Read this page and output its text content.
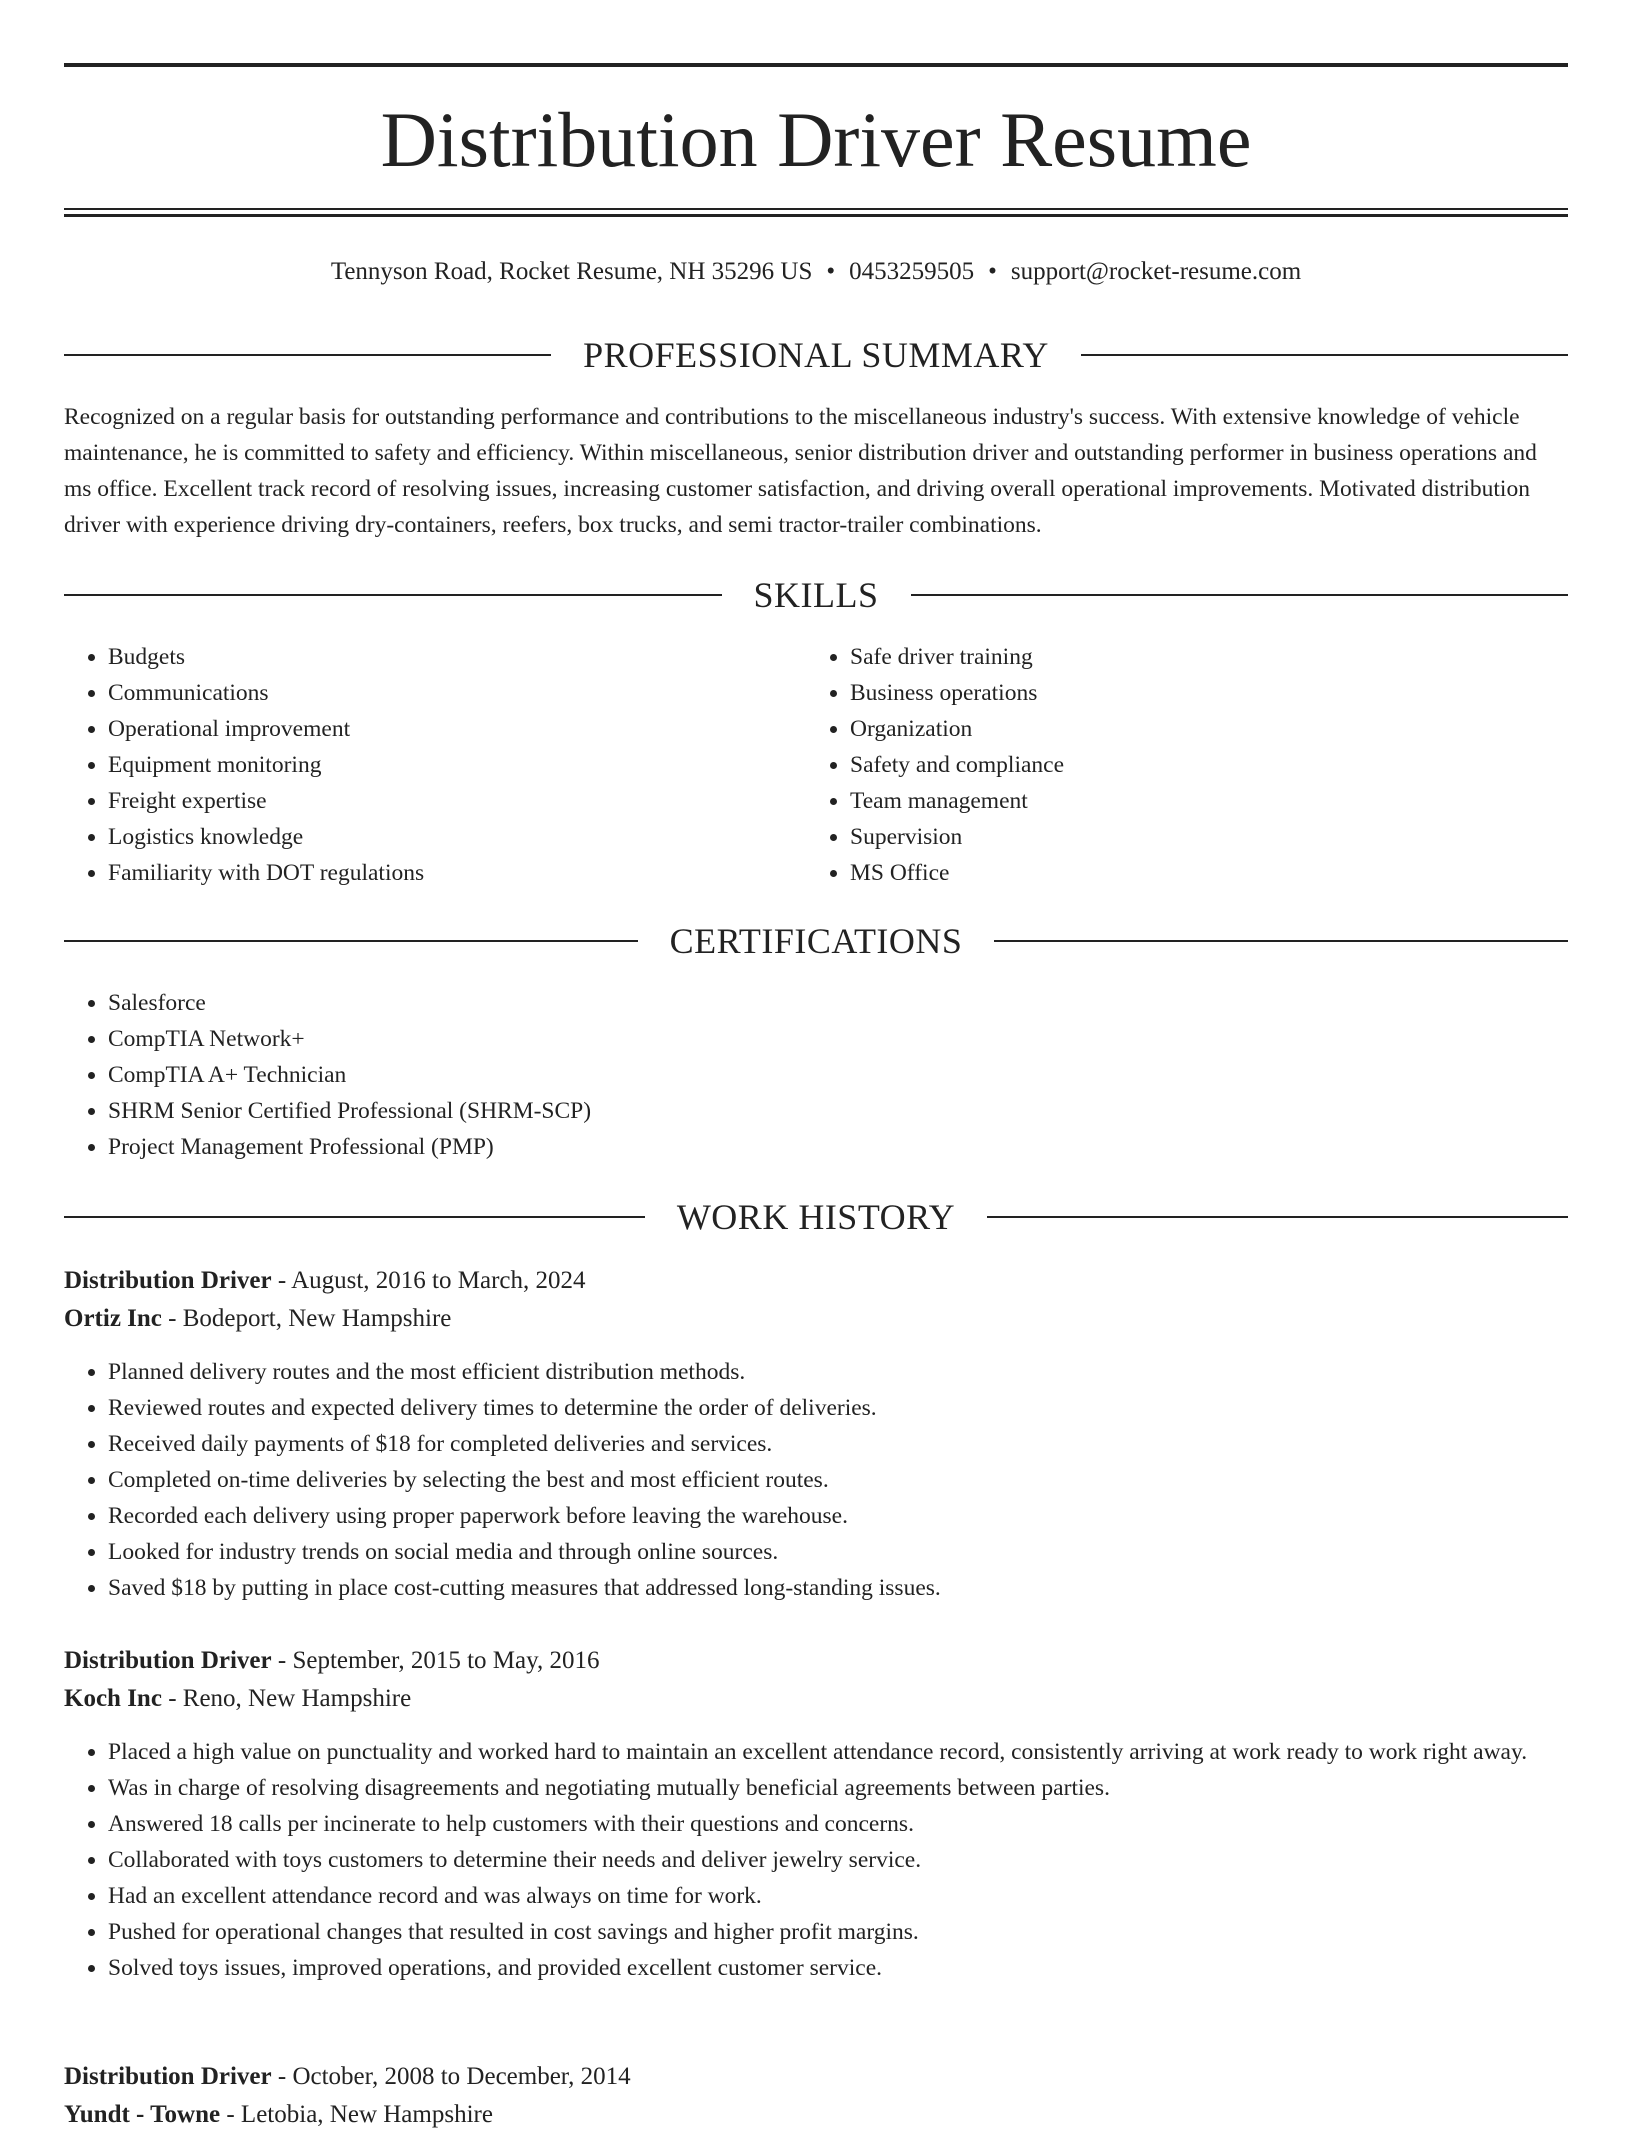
Distribution Driver Resume
Tennyson Road, Rocket Resume, NH 35296 US • 0453259505 • support@rocket-resume.com
PROFESSIONAL SUMMARY

Recognized on a regular basis for outstanding performance and contributions to the miscellaneous industry's success. With extensive knowledge of vehicle maintenance, he is committed to safety and efficiency. Within miscellaneous, senior distribution driver and outstanding performer in business operations and ms office. Excellent track record of resolving issues, increasing customer satisfaction, and driving overall operational improvements. Motivated distribution driver with experience driving dry-containers, reefers, box trucks, and semi tractor-trailer combinations.

SKILLS
• Budgets
• Communications
• Operational improvement
• Equipment monitoring
• Freight expertise
• Logistics knowledge
• Familiarity with DOT regulations
• Safe driver training
• Business operations
• Organization
• Safety and compliance
• Team management
• Supervision
• MS Office
CERTIFICATIONS
• Salesforce
• CompTIA Network+
• CompTIA A+ Technician
• SHRM Senior Certified Professional (SHRM-SCP)
• Project Management Professional (PMP)
WORK HISTORY
Distribution Driver - August, 2016 to March, 2024
Ortiz Inc - Bodeport, New Hampshire
• Planned delivery routes and the most efficient distribution methods.
• Reviewed routes and expected delivery times to determine the order of deliveries.
• Received daily payments of $18 for completed deliveries and services.
• Completed on-time deliveries by selecting the best and most efficient routes.
• Recorded each delivery using proper paperwork before leaving the warehouse.
• Looked for industry trends on social media and through online sources.
• Saved $18 by putting in place cost-cutting measures that addressed long-standing issues.
Distribution Driver - September, 2015 to May, 2016
Koch Inc - Reno, New Hampshire
• Placed a high value on punctuality and worked hard to maintain an excellent attendance record, consistently arriving at work ready to work right away.
• Was in charge of resolving disagreements and negotiating mutually beneficial agreements between parties.
• Answered 18 calls per incinerate to help customers with their questions and concerns.
• Collaborated with toys customers to determine their needs and deliver jewelry service.
• Had an excellent attendance record and was always on time for work.
• Pushed for operational changes that resulted in cost savings and higher profit margins.
• Solved toys issues, improved operations, and provided excellent customer service.
Distribution Driver - October, 2008 to December, 2014
Yundt - Towne - Letobia, New Hampshire
